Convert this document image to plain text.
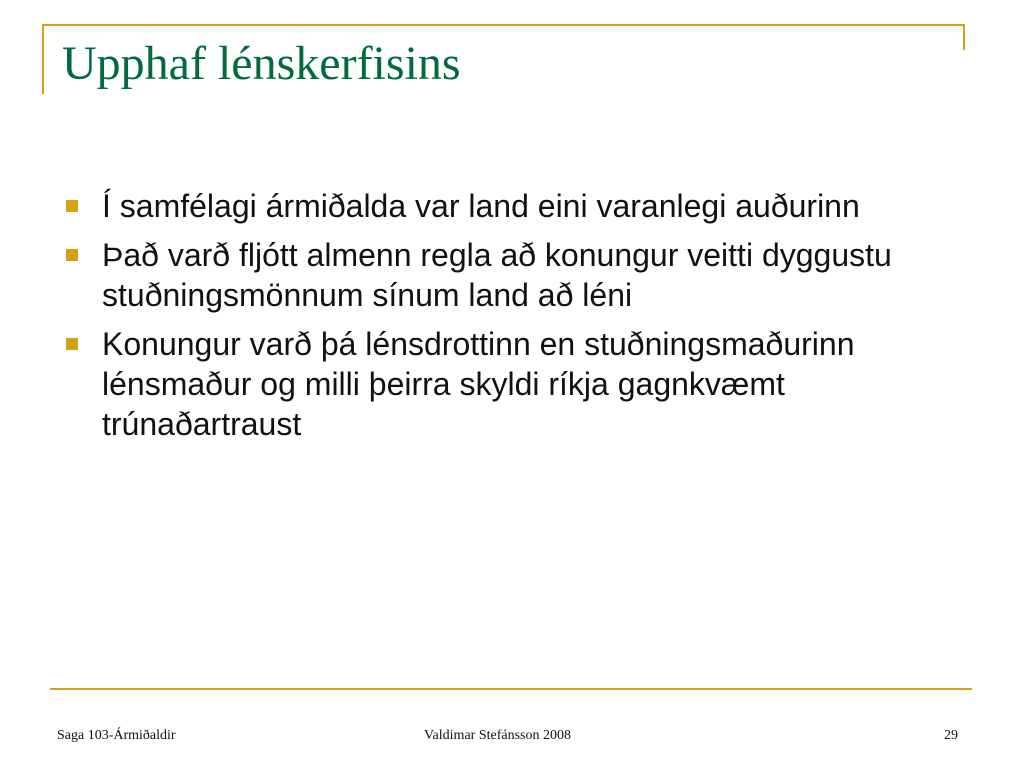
Upphaf lénskerfisins
Í samfélagi ármiðalda var land eini varanlegi auðurinn
Það varð fljótt almenn regla að konungur veitti dyggustu stuðningsmönnum sínum land að léni
Konungur varð þá lénsdrottinn en stuðningsmaðurinn lénsmaður og milli þeirra skyldi ríkja gagnkvæmt trúnaðartraust
Saga 103-Ármiðaldir	Valdimar Stefánsson 2008	29
